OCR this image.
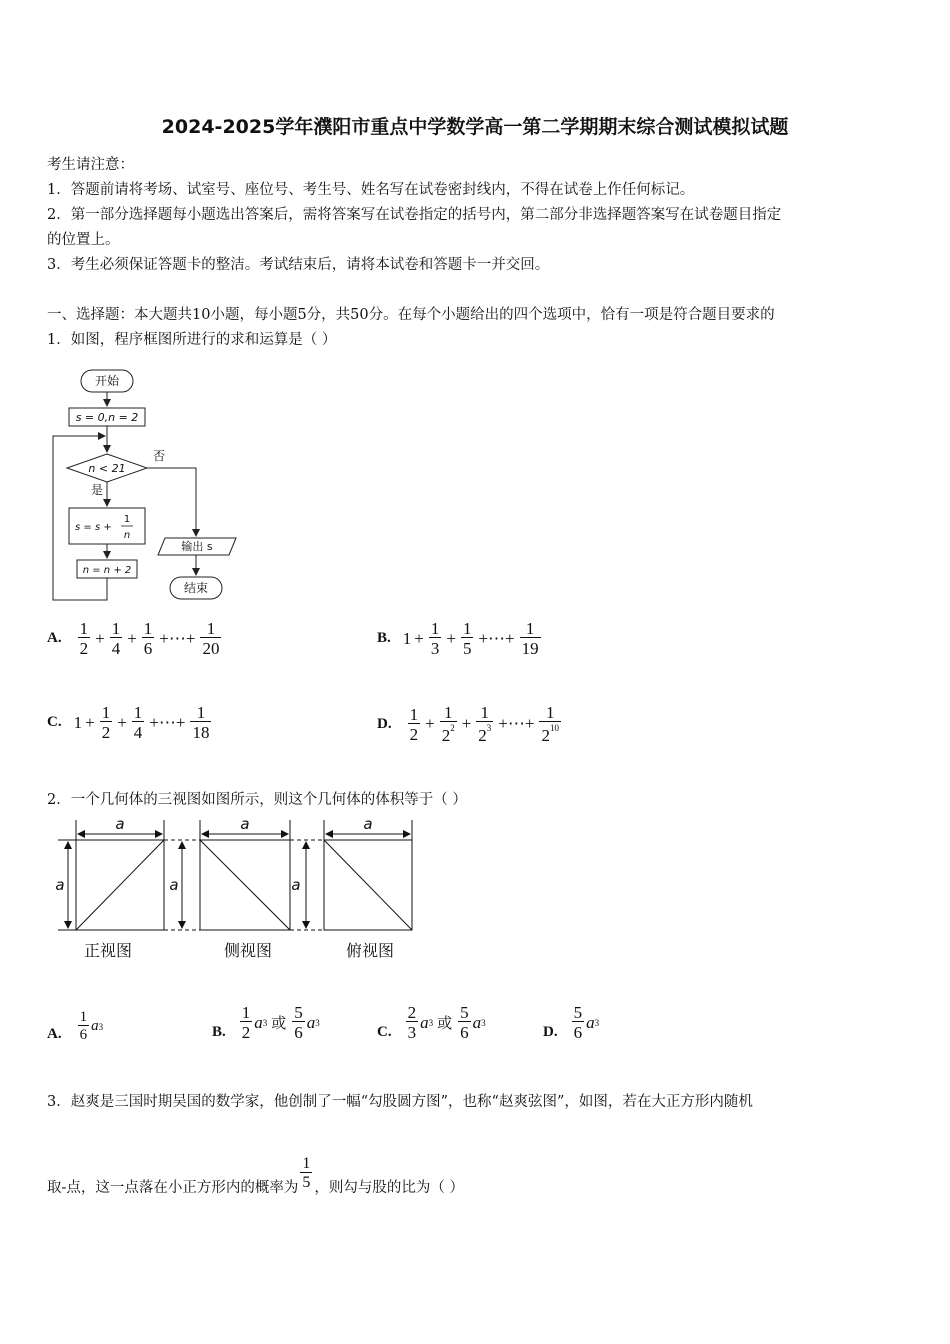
2024-2025学年濮阳市重点中学数学高一第二学期期末综合测试模拟试题
考生请注意：
1．答题前请将考场、试室号、座位号、考生号、姓名写在试卷密封线内，不得在试卷上作任何标记。
2．第一部分选择题每小题选出答案后，需将答案写在试卷指定的括号内，第二部分非选择题答案写在试卷题目指定
的位置上。
3．考生必须保证答题卡的整洁。考试结束后，请将本试卷和答题卡一并交回。
一、选择题：本大题共10小题，每小题5分，共50分。在每个小题给出的四个选项中，恰有一项是符合题目要求的
1．如图，程序框图所进行的求和运算是（ ）
开始
s = 0,n = 2
n < 21
否
是
s = s +
1
n
n = n + 2
输出 s
结束
A. $\frac{1}{2} + \frac{1}{4} + \frac{1}{6}$ +⋯+ $\frac{1}{20}$	B. $1 + \frac{1}{3} + \frac{1}{5}$ +⋯+ $\frac{1}{19}$
C. $1 + \frac{1}{2} + \frac{1}{4}$ +⋯+ $\frac{1}{18}$	D. $\frac{1}{2} + \frac{1}{2^2} + \frac{1}{2^3}$ +⋯+ $\frac{1}{2^{10}}$
2．一个几何体的三视图如图所示，则这个几何体的体积等于（ ）
a	a	a
a	a	a
正视图	侧视图	俯视图
A. $\frac{1}{6}$ a 3	B. $\frac{1}{2}$ a 3 或 $\frac{5}{6}$ a 3
C. $\frac{2}{3}$ a 3 或 $\frac{5}{6}$ a 3
D. $\frac{5}{6}$ a 3
3．赵爽是三国时期吴国的数学家，他创制了一幅“勾股圆方图”，也称“赵爽弦图”，如图，若在大正方形内随机
取-点，这一点落在小正方形内的概率为 $\frac{1}{5}$ ，则勾与股的比为（ ）
